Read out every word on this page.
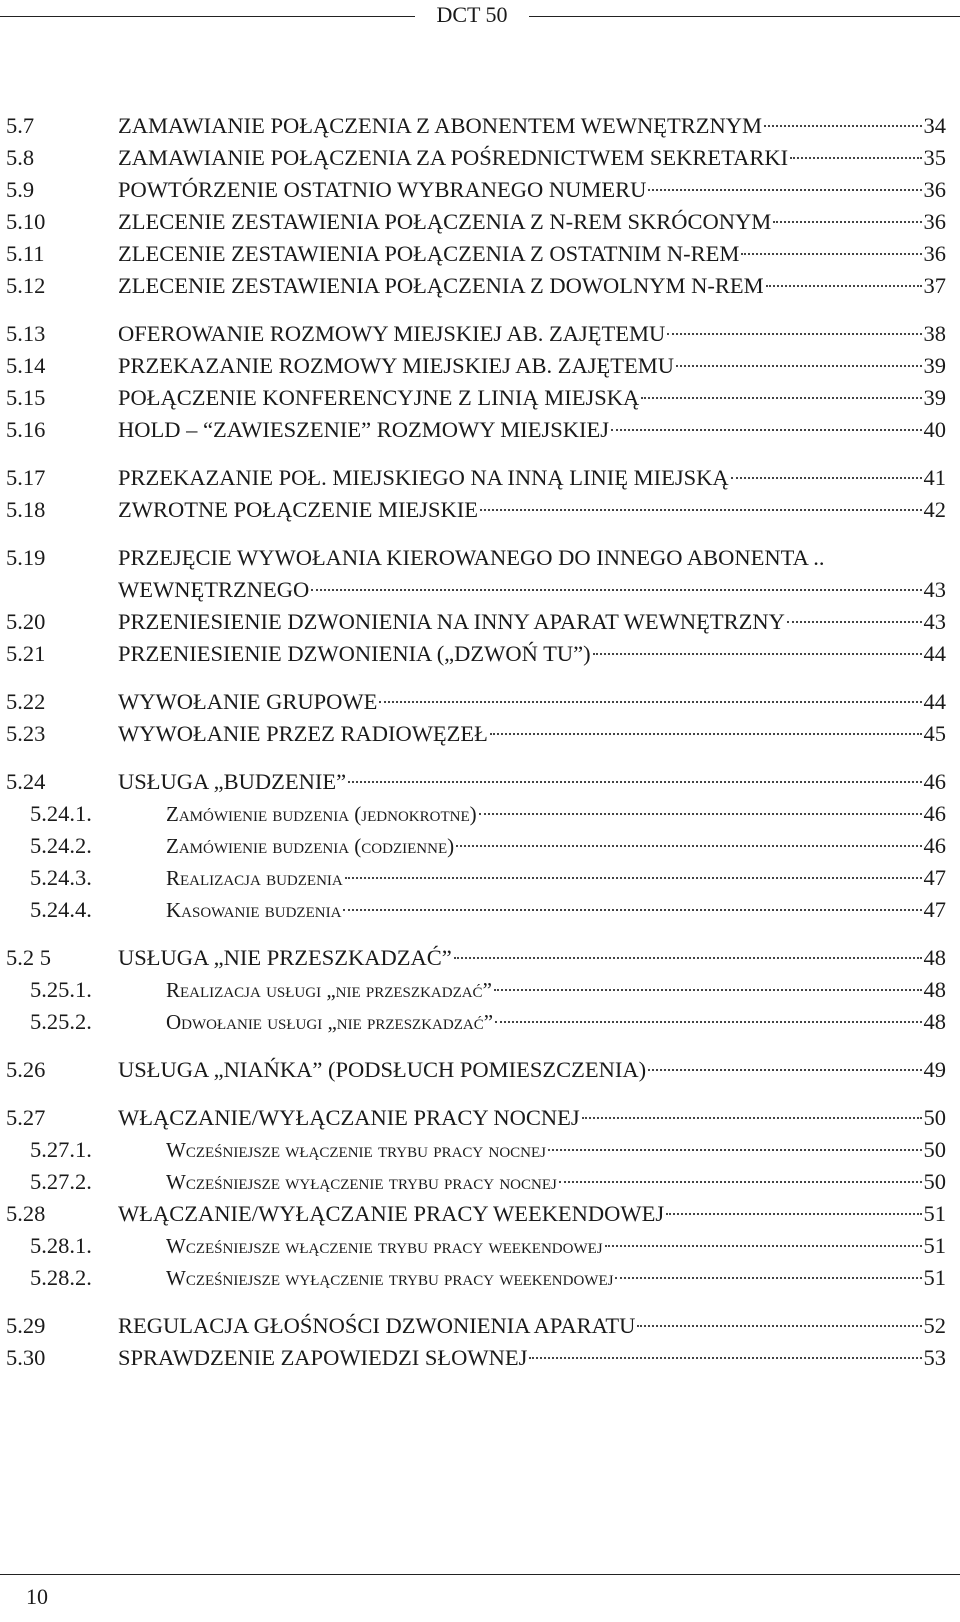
DCT 50
5.7	ZAMAWIANIE POŁĄCZENIA Z ABONENTEM WEWNĘTRZNYM	34
5.8	ZAMAWIANIE POŁĄCZENIA ZA POŚREDNICTWEM SEKRETARKI	35
5.9	POWTÓRZENIE OSTATNIO WYBRANEGO NUMERU	36
5.10	ZLECENIE ZESTAWIENIA POŁĄCZENIA Z N-REM SKRÓCONYM	36
5.11	ZLECENIE ZESTAWIENIA POŁĄCZENIA Z OSTATNIM N-REM	36
5.12	ZLECENIE ZESTAWIENIA POŁĄCZENIA Z DOWOLNYM N-REM	37
5.13	OFEROWANIE ROZMOWY MIEJSKIEJ AB. ZAJĘTEMU	38
5.14	PRZEKAZANIE ROZMOWY MIEJSKIEJ AB. ZAJĘTEMU	39
5.15	POŁĄCZENIE KONFERENCYJNE Z LINIĄ MIEJSKĄ	39
5.16	HOLD – “ZAWIESZENIE” ROZMOWY MIEJSKIEJ	40
5.17	PRZEKAZANIE POŁ. MIEJSKIEGO NA INNĄ LINIĘ MIEJSKĄ	41
5.18	ZWROTNE POŁĄCZENIE MIEJSKIE	42
5.19	PRZEJĘCIE WYWOŁANIA KIEROWANEGO DO INNEGO ABONENTA ..
WEWNĘTRZNEGO	43
5.20	PRZENIESIENIE DZWONIENIA NA INNY APARAT WEWNĘTRZNY	43
5.21	PRZENIESIENIE DZWONIENIA („DZWOŃ TU”)	44
5.22	WYWOŁANIE GRUPOWE	44
5.23	WYWOŁANIE PRZEZ RADIOWĘZEŁ	45
5.24	USŁUGA „BUDZENIE”	46
5.24.1.	Zamówienie budzenia (jednokrotne)	46
5.24.2.	Zamówienie budzenia (codzienne)	46
5.24.3.	Realizacja budzenia	47
5.24.4.	Kasowanie budzenia	47
5.2 5	USŁUGA „NIE PRZESZKADZAĆ”	48
5.25.1.	Realizacja usługi „nie przeszkadzać”	48
5.25.2.	Odwołanie usługi „nie przeszkadzać”	48
5.26	USŁUGA „NIAŃKA” (PODSŁUCH POMIESZCZENIA)	49
5.27	WŁĄCZANIE/WYŁĄCZANIE PRACY NOCNEJ	50
5.27.1.	Wcześniejsze włączenie trybu pracy nocnej	50
5.27.2.	Wcześniejsze wyłączenie trybu pracy nocnej	50
5.28	WŁĄCZANIE/WYŁĄCZANIE PRACY WEEKENDOWEJ	51
5.28.1.	Wcześniejsze włączenie trybu pracy weekendowej	51
5.28.2.	Wcześniejsze wyłączenie trybu pracy weekendowej	51
5.29	REGULACJA GŁOŚNOŚCI DZWONIENIA APARATU	52
5.30	SPRAWDZENIE ZAPOWIEDZI SŁOWNEJ	53
10
